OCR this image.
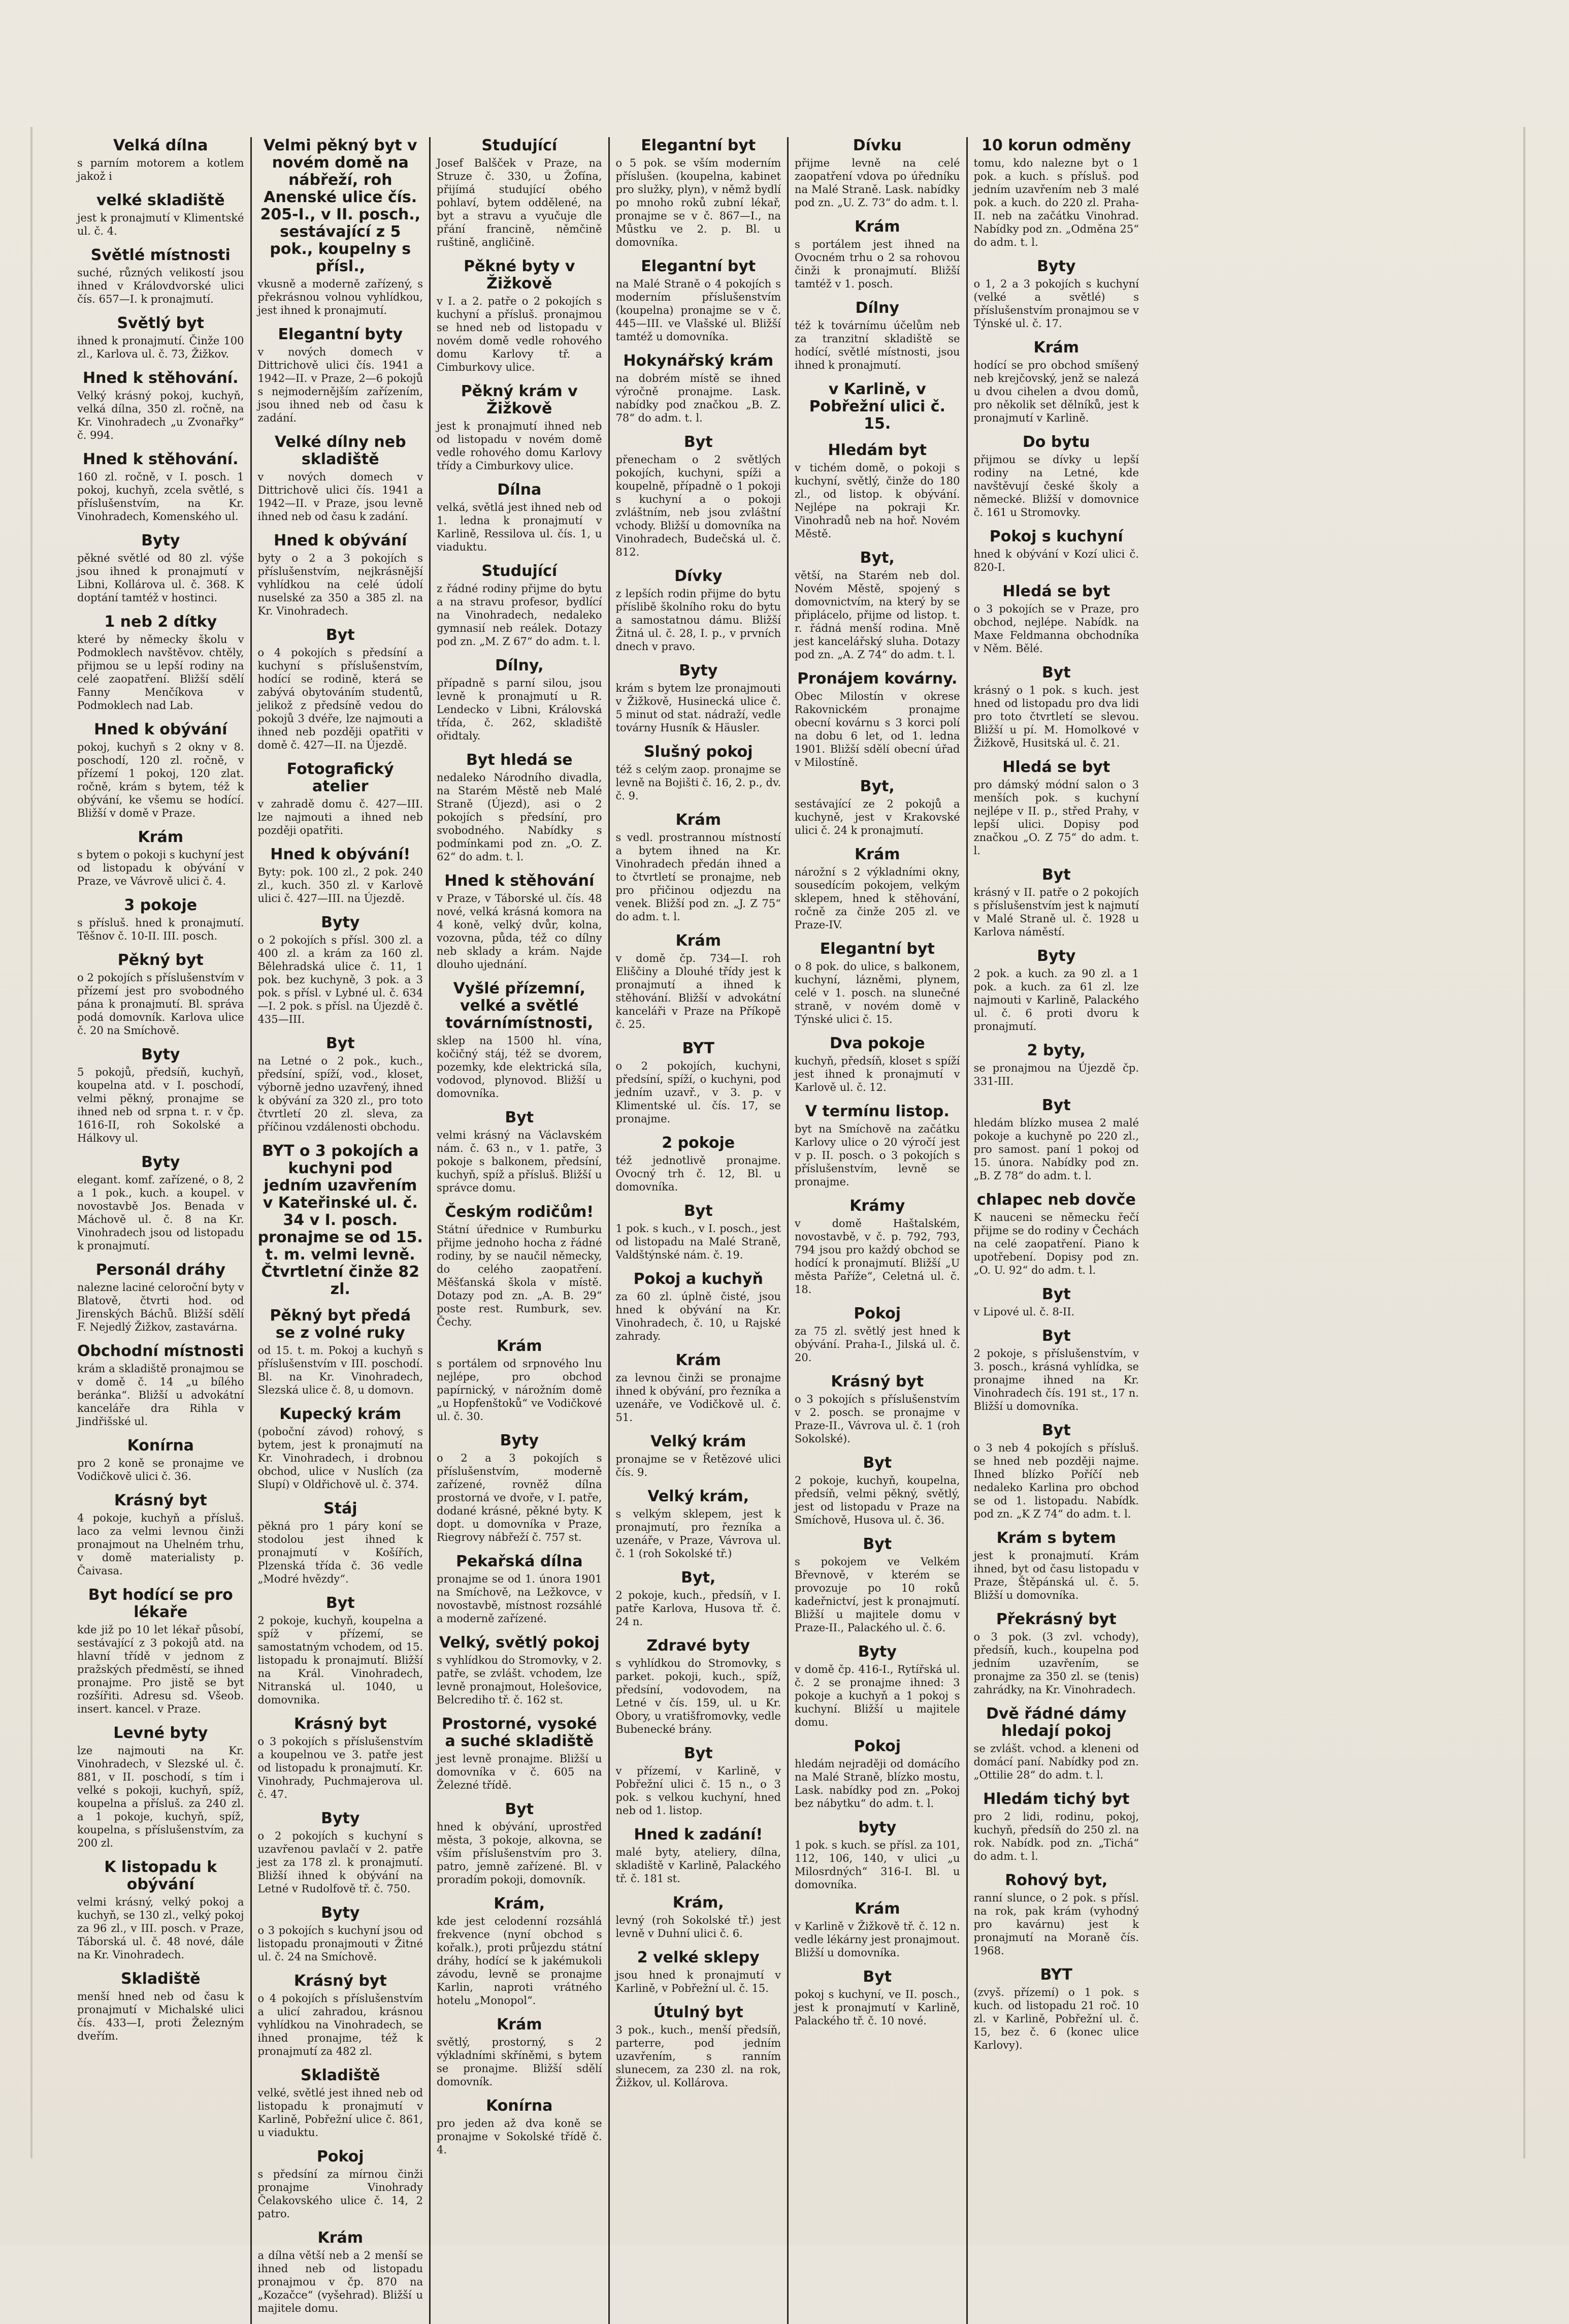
Velká dílna

s parním motorem a kotlem jakož i

velké skladiště

jest k pronajmutí v Klimentské ul. č. 4.

Světlé místnosti

suché, různých velikostí jsou ihned v Královdvorské ulici čís. 657—I. k pronajmutí.

Světlý byt

ihned k pronajmutí. Činže 100 zl., Karlova ul. č. 73, Žižkov.

Hned k stěhování.

Velký krásný pokoj, kuchyň, velká dílna, 350 zl. ročně, na Kr. Vinohradech „u Zvonařky“ č. 994.

Hned k stěhování.

160 zl. ročně, v I. posch. 1 pokoj, kuchyň, zcela světlé, s příslušenstvím, na Kr. Vinohradech, Komenského ul.

Byty

pěkné světlé od 80 zl. výše jsou ihned k pronajmutí v Libni, Kollárova ul. č. 368. K doptání tamtéž v hostinci.

1 neb 2 dítky

které by německy školu v Podmoklech navštěvov. chtěly, přijmou se u lepší rodiny na celé zaopatření. Bližší sdělí Fanny Menčíkova v Podmoklech nad Lab.

Hned k obývání

pokoj, kuchyň s 2 okny v 8. poschodí, 120 zl. ročně, v přízemí 1 pokoj, 120 zlat. ročně, krám s bytem, též k obývání, ke všemu se hodící. Bližší v domě v Praze.

Krám

s bytem o pokoji s kuchyní jest od listopadu k obývání v Praze, ve Vávrově ulici č. 4.

3 pokoje

s přísluš. hned k pronajmutí. Těšnov č. 10-II. III. posch.

Pěkný byt

o 2 pokojích s příslušenstvím v přízemí jest pro svobodného pána k pronajmutí. Bl. správa podá domovník. Karlova ulice č. 20 na Smíchově.

Byty

5 pokojů, předsíň, kuchyň, koupelna atd. v I. poschodí, velmi pěkný, pronajme se ihned neb od srpna t. r. v čp. 1616-II, roh Sokolské a Hálkovy ul.

Byty

elegant. komf. zařízené, o 8, 2 a 1 pok., kuch. a koupel. v novostavbě Jos. Benada v Máchově ul. č. 8 na Kr. Vinohradech jsou od listopadu k pronajmutí.

Personál dráhy

nalezne laciné celoroční byty v Blatově, čtvrti hod. od Jirenských Báchů. Bližší sdělí F. Nejedlý Žižkov, zastavárna.

Obchodní místnosti

krám a skladiště pronajmou se v domě č. 14 „u bílého beránka“. Bližší u advokátní kanceláře dra Rihla v Jindřišské ul.

Konírna

pro 2 koně se pronajme ve Vodičkově ulici č. 36.

Krásný byt

4 pokoje, kuchyň a přísluš. laco za velmi levnou činži pronajmout na Uhelném trhu, v domě materialisty p. Čaivasa.

Byt hodící se pro lékaře

kde již po 10 let lékař působí, sestávající z 3 pokojů atd. na hlavní třídě v jednom z pražských předměstí, se ihned pronajme. Pro jistě se byt rozšířiti. Adresu sd. Všeob. insert. kancel. v Praze.

Levné byty

lze najmouti na Kr. Vinohradech, v Slezské ul. č. 881, v II. poschodí, s tím i velké s pokoji, kuchyň, spíž, koupelna a přísluš. za 240 zl. a 1 pokoje, kuchyň, spíž, koupelna, s příslušenstvím, za 200 zl.

K listopadu k obývání

velmi krásný, velký pokoj a kuchyň, se 130 zl., velký pokoj za 96 zl., v III. posch. v Praze, Táborská ul. č. 48 nové, dále na Kr. Vinohradech.

Skladiště

menší hned neb od času k pronajmutí v Michalské ulici čís. 433—I, proti Železným dveřím.

Velmi pěkný byt v novém domě na nábřeží, roh Anenské ulice čís. 205-I., v II. posch., sestávající z 5 pok., koupelny s přísl.,

vkusně a moderně zařízený, s překrásnou volnou vyhlídkou, jest ihned k pronajmutí.

Elegantní byty

v nových domech v Dittrichově ulici čís. 1941 a 1942—II. v Praze, 2—6 pokojů s nejmodernějším zařízením, jsou ihned neb od času k zadání.

Velké dílny neb skladiště

v nových domech v Dittrichově ulici čís. 1941 a 1942—II. v Praze, jsou levně ihned neb od času k zadání.

Hned k obývání

byty o 2 a 3 pokojích s příslušenstvím, nejkrásnější vyhlídkou na celé údolí nuselské za 350 a 385 zl. na Kr. Vinohradech.

Byt

o 4 pokojích s předsíní a kuchyní s příslušenstvím, hodící se rodině, která se zabývá obytováním studentů, jelikož z předsíně vedou do pokojů 3 dvéře, lze najmouti a ihned neb později opatřiti v domě č. 427—II. na Újezdě.

Fotografický atelier

v zahradě domu č. 427—III. lze najmouti a ihned neb později opatřiti.

Hned k obývání!

Byty: pok. 100 zl., 2 pok. 240 zl., kuch. 350 zl. v Karlově ulici č. 427—III. na Újezdě.

Byty

o 2 pokojích s přísl. 300 zl. a 400 zl. a krám za 160 zl. Bělehradská ulice č. 11, 1 pok. bez kuchyně, 3 pok. a 3 pok. s přísl. v Lybné ul. č. 634—I. 2 pok. s přísl. na Újezdě č. 435—III.

Byt

na Letné o 2 pok., kuch., předsíní, spíží, vod., kloset, výborně jedno uzavřený, ihned k obývání za 320 zl., pro toto čtvrtletí 20 zl. sleva, za příčinou vzdálenosti obchodu.

BYT o 3 pokojích a kuchyni pod jedním uzavřením v Kateřinské ul. č. 34 v I. posch. pronajme se od 15. t. m. velmi levně. Čtvrtletní činže 82 zl.
Pěkný byt předá se z volné ruky

od 15. t. m. Pokoj a kuchyň s příslušenstvím v III. poschodí. Bl. na Kr. Vinohradech, Slezská ulice č. 8, u domovn.

Kupecký krám

(poboční závod) rohový, s bytem, jest k pronajmutí na Kr. Vinohradech, i drobnou obchod, ulice v Nuslích (za Slupí) v Oldřichově ul. č. 374.

Stáj

pěkná pro 1 páry koní se stodolou jest ihned k pronajmutí v Košířích, Plzenská třída č. 36 vedle „Modré hvězdy“.

Byt

2 pokoje, kuchyň, koupelna a spíž v přízemí, se samostatným vchodem, od 15. listopadu k pronajmutí. Bližší na Král. Vinohradech, Nitranská ul. 1040, u domovnika.

Krásný byt

o 3 pokojích s příslušenstvím a koupelnou ve 3. patře jest od listopadu k pronajmutí. Kr. Vinohrady, Puchmajerova ul. č. 47.

Byty

o 2 pokojích s kuchyní s uzavřenou pavlačí v 2. patře jest za 178 zl. k pronajmutí. Bližší ihned k obývání na Letné v Rudolfově tř. č. 750.

Byty

o 3 pokojích s kuchyní jsou od listopadu pronajmouti v Žitné ul. č. 24 na Smíchově.

Krásný byt

o 4 pokojích s příslušenstvím a ulicí zahradou, krásnou vyhlídkou na Vinohradech, se ihned pronajme, též k pronajmutí za 482 zl.

Skladiště

velké, světlé jest ihned neb od listopadu k pronajmutí v Karlině, Pobřežní ulice č. 861, u viaduktu.

Pokoj

s předsíní za mírnou činži pronajme Vinohrady Čelakovského ulice č. 14, 2 patro.

Krám

a dílna větší neb a 2 menší se ihned neb od listopadu pronajmou v čp. 870 na „Kozačce“ (vyšehrad). Bližší u majitele domu.

Studující

Josef Balšček v Praze, na Struze č. 330, u Žofína, přijímá studující obého pohlaví, bytem oddělené, na byt a stravu a vyučuje dle přání francině, němčině ruštině, angličině.

Pěkné byty v Žižkově

v I. a 2. patře o 2 pokojích s kuchyní a přísluš. pronajmou se hned neb od listopadu v novém domě vedle rohového domu Karlovy tř. a Cimburkovy ulice.

Pěkný krám v Žižkově

jest k pronajmutí ihned neb od listopadu v novém domě vedle rohového domu Karlovy třídy a Cimburkovy ulice.

Dílna

velká, světlá jest ihned neb od 1. ledna k pronajmutí v Karlině, Ressilova ul. čís. 1, u viaduktu.

Studující

z řádné rodiny přijme do bytu a na stravu profesor, bydlící na Vinohradech, nedaleko gymnasií neb reálek. Dotazy pod zn. „M. Z 67“ do adm. t. l.

Dílny,

případně s parní silou, jsou levně k pronajmutí u R. Lendecko v Libni, Královská třída, č. 262, skladiště ořidtaly.

Byt hledá se

nedaleko Národního divadla, na Starém Městě neb Malé Straně (Újezd), asi o 2 pokojích s předsíní, pro svobodného. Nabídky s podmínkami pod zn. „O. Z. 62“ do adm. t. l.

Hned k stěhování

v Praze, v Táborské ul. čís. 48 nové, velká krásná komora na 4 koně, velký dvůr, kolna, vozovna, půda, též co dílny neb sklady a krám. Najde dlouho ujednání.

Vyšlé přízemní, velké a světlé továrnímístnosti,

sklep na 1500 hl. vína, kočičný stáj, též se dvorem, pozemky, kde elektrická síla, vodovod, plynovod. Bližší u domovníka.

Byt

velmi krásný na Václavském nám. č. 63 n., v 1. patře, 3 pokoje s balkonem, předsíní, kuchyň, spíž a přísluš. Bližší u správce domu.

Českým rodičům!

Státní úřednice v Rumburku přijme jednoho hocha z řádné rodiny, by se naučil německy, do celého zaopatření. Měšťanská škola v místě. Dotazy pod zn. „A. B. 29“ poste rest. Rumburk, sev. Čechy.

Krám

s portálem od srpnového lnu nejlépe, pro obchod papírnický, v nárožním domě „u Hopfenštoků“ ve Vodičkové ul. č. 30.

Byty

o 2 a 3 pokojích s příslušenstvím, moderně zařízené, rovněž dílna prostorná ve dvoře, v I. patře, dodané krásné, pěkné byty. K dopt. u domovníka v Praze, Riegrovy nábřeží č. 757 st.

Pekařská dílna

pronajme se od 1. února 1901 na Smíchově, na Ležkovce, v novostavbě, místnost rozsáhlé a moderně zařízené.

Velký, světlý pokoj

s vyhlídkou do Stromovky, v 2. patře, se zvlášt. vchodem, lze levně pronajmout, Holešovice, Belcrediho tř. č. 162 st.

Prostorné, vysoké a suché skladiště

jest levně pronajme. Bližší u domovníka v č. 605 na Železné třídě.

Byt

hned k obývání, uprostřed města, 3 pokoje, alkovna, se vším příslušenstvím pro 3. patro, jemně zařízené. Bl. v proradím pokoji, domovník.

Krám,

kde jest celodenní rozsáhlá frekvence (nyní obchod s kořalk.), proti průjezdu státní dráhy, hodící se k jakémukoli závodu, levně se pronajme Karlin, naproti vrátného hotelu „Monopol“.

Krám

světlý, prostorný, s 2 výkladními skříněmi, s bytem se pronajme. Bližší sdělí domovník.

Konírna

pro jeden až dva koně se pronajme v Sokolské třídě č. 4.

Elegantní byt

o 5 pok. se vším moderním příslušen. (koupelna, kabinet pro služky, plyn), v němž bydlí po mnoho roků zubní lékař, pronajme se v č. 867—I., na Můstku ve 2. p. Bl. u domovníka.

Elegantní byt

na Malé Straně o 4 pokojích s moderním příslušenstvím (koupelna) pronajme se v č. 445—III. ve Vlašské ul. Bližší tamtéž u domovníka.

Hokynářský krám

na dobrém místě se ihned výročně pronajme. Lask. nabídky pod značkou „B. Z. 78“ do adm. t. l.

Byt

přenecham o 2 světlých pokojích, kuchyni, spíži a koupelně, případně o 1 pokoji s kuchyní a o pokoji zvláštním, neb jsou zvláštní vchody. Bližší u domovníka na Vinohradech, Budečská ul. č. 812.

Dívky

z lepších rodin přijme do bytu příslibě školního roku do bytu a samostatnou dámu. Bližší Žitná ul. č. 28, I. p., v prvních dnech v pravo.

Byty

krám s bytem lze pronajmouti v Žižkově, Husinecká ulice č. 5 minut od stat. nádraží, vedle továrny Husník & Häusler.

Slušný pokoj

též s celým zaop. pronajme se levně na Bojišti č. 16, 2. p., dv. č. 9.

Krám

s vedl. prostrannou místností a bytem ihned na Kr. Vinohradech předán ihned a to čtvrtletí se pronajme, neb pro přičinou odjezdu na venek. Bližší pod zn. „J. Z 75“ do adm. t. l.

Krám

v domě čp. 734—I. roh Eliščiny a Dlouhé třídy jest k pronajmutí a ihned k stěhování. Bližší v advokátní kanceláři v Praze na Příkopě č. 25.

BYT

o 2 pokojích, kuchyni, předsíní, spíží, o kuchyni, pod jedním uzavř., v 3. p. v Klimentské ul. čís. 17, se pronajme.

2 pokoje

též jednotlivě pronajme. Ovocný trh č. 12, Bl. u domovníka.

Byt

1 pok. s kuch., v I. posch., jest od listopadu na Malé Straně, Valdštýnské nám. č. 19.

Pokoj a kuchyň

za 60 zl. úplně čisté, jsou hned k obývání na Kr. Vinohradech, č. 10, u Rajské zahrady.

Krám

za levnou činži se pronajme ihned k obývání, pro řezníka a uzenáře, ve Vodičkově ul. č. 51.

Velký krám

pronajme se v Řetězové ulici čís. 9.

Velký krám,

s velkým sklepem, jest k pronajmutí, pro řezníka a uzenáře, v Praze, Vávrova ul. č. 1 (roh Sokolské tř.)

Byt,

2 pokoje, kuch., předsíň, v I. patře Karlova, Husova tř. č. 24 n.

Zdravé byty

s vyhlídkou do Stromovky, s parket. pokoji, kuch., spíž, předsíní, vodovodem, na Letné v čís. 159, ul. u Kr. Obory, u vratišfromovky, vedle Bubenecké brány.

Byt

v přízemí, v Karlině, v Pobřežní ulici č. 15 n., o 3 pok. s velkou kuchyní, hned neb od 1. listop.

Hned k zadání!

malé byty, ateliery, dílna, skladiště v Karlině, Palackého tř. č. 181 st.

Krám,

levný (roh Sokolské tř.) jest levně v Duhní ulici č. 6.

2 velké sklepy

jsou hned k pronajmutí v Karlině, v Pobřežní ul. č. 15.

Útulný byt

3 pok., kuch., menší předsíň, parterre, pod jedním uzavřením, s ranním slunecem, za 230 zl. na rok, Žižkov, ul. Kollárova.

Dívku

přijme levně na celé zaopatření vdova po úředníku na Malé Straně. Lask. nabídky pod zn. „U. Z. 73“ do adm. t. l.

Krám

s portálem jest ihned na Ovocném trhu o 2 sa rohovou činži k pronajmutí. Bližší tamtéž v 1. posch.

Dílny

též k továrnímu účelům neb za tranzitní skladiště se hodící, světlé místnosti, jsou ihned k pronajmutí.

v Karlině, v Pobřežní ulici č. 15.
Hledám byt

v tichém domě, o pokoji s kuchyní, světlý, činže do 180 zl., od listop. k obývání. Nejlépe na pokraji Kr. Vinohradů neb na hoř. Novém Městě.

Byt,

větší, na Starém neb dol. Novém Městě, spojený s domovnictvím, na který by se připlácelo, přijme od listop. t. r. řádná menší rodina. Mně jest kancelářský sluha. Dotazy pod zn. „A. Z 74“ do adm. t. l.

Pronájem kovárny.

Obec Milostín v okrese Rakovnickém pronajme obecní kovárnu s 3 korci polí na dobu 6 let, od 1. ledna 1901. Bližší sdělí obecní úřad v Milostíně.

Byt,

sestávající ze 2 pokojů a kuchyně, jest v Krakovské ulici č. 24 k pronajmutí.

Krám

nárožní s 2 výkladními okny, sousedícím pokojem, velkým sklepem, hned k stěhování, ročně za činže 205 zl. ve Praze-IV.

Elegantní byt

o 8 pok. do ulice, s balkonem, kuchyní, lázněmi, plynem, celé v 1. posch. na slunečné straně, v novém domě v Týnské ulici č. 15.

Dva pokoje

kuchyň, předsíň, kloset s spíží jest ihned k pronajmutí v Karlově ul. č. 12.

V termínu listop.

byt na Smíchově na začátku Karlovy ulice o 20 výročí jest v p. II. posch. o 3 pokojích s příslušenstvím, levně se pronajme.

Krámy

v domě Haštalském, novostavbě, v č. p. 792, 793, 794 jsou pro každý obchod se hodící k pronajmutí. Bližší „U města Paříže“, Celetná ul. č. 18.

Pokoj

za 75 zl. světlý jest hned k obývání. Praha-I., Jilská ul. č. 20.

Krásný byt

o 3 pokojích s příslušenstvím v 2. posch. se pronajme v Praze-II., Vávrova ul. č. 1 (roh Sokolské).

Byt

2 pokoje, kuchyň, koupelna, předsíň, velmi pěkný, světlý, jest od listopadu v Praze na Smíchově, Husova ul. č. 36.

Byt

s pokojem ve Velkém Břevnově, v kterém se provozuje po 10 roků kadeřnictví, jest k pronajmutí. Bližší u majitele domu v Praze-II., Palackého ul. č. 6.

Byty

v domě čp. 416-I., Rytířská ul. č. 2 se pronajme ihned: 3 pokoje a kuchyň a 1 pokoj s kuchyní. Bližší u majitele domu.

Pokoj

hledám nejraději od domácího na Malé Straně, blízko mostu, Lask. nabídky pod zn. „Pokoj bez nábytku“ do adm. t. l.

byty

1 pok. s kuch. se přísl. za 101, 112, 106, 140, v ulici „u Milosrdných“ 316-I. Bl. u domovníka.

Krám

v Karlině v Žižkově tř. č. 12 n. vedle lékárny jest pronajmout. Bližší u domovníka.

Byt

pokoj s kuchyní, ve II. posch., jest k pronajmutí v Karlině, Palackého tř. č. 10 nové.

10 korun odměny

tomu, kdo nalezne byt o 1 pok. a kuch. s přísluš. pod jedním uzavřením neb 3 malé pok. a kuch. do 220 zl. Praha-II. neb na začátku Vinohrad. Nabídky pod zn. „Odměna 25“ do adm. t. l.

Byty

o 1, 2 a 3 pokojích s kuchyní (velké a světlé) s příslušenstvím pronajmou se v Týnské ul. č. 17.

Krám

hodící se pro obchod smíšený neb krejčovský, jenž se nalezá u dvou cihelen a dvou domů, pro několik set dělníků, jest k pronajmutí v Karlině.

Do bytu

přijmou se dívky u lepší rodiny na Letné, kde navštěvují české školy a německé. Bližší v domovnice č. 161 u Stromovky.

Pokoj s kuchyní

hned k obývání v Kozí ulici č. 820-I.

Hledá se byt

o 3 pokojích se v Praze, pro obchod, nejlépe. Nabídk. na Maxe Feldmanna obchodníka v Něm. Bělé.

Byt

krásný o 1 pok. s kuch. jest hned od listopadu pro dva lidi pro toto čtvrtletí se slevou. Bližší u pí. M. Homolkové v Žižkově, Husitská ul. č. 21.

Hledá se byt

pro dámský módní salon o 3 menších pok. s kuchyní nejlépe v II. p., střed Prahy, v lepší ulici. Dopisy pod značkou „O. Z 75“ do adm. t. l.

Byt

krásný v II. patře o 2 pokojích s příslušenstvím jest k najmutí v Malé Straně ul. č. 1928 u Karlova náměstí.

Byty

2 pok. a kuch. za 90 zl. a 1 pok. a kuch. za 61 zl. lze najmouti v Karlině, Palackého ul. č. 6 proti dvoru k pronajmutí.

2 byty,

se pronajmou na Újezdě čp. 331-III.

Byt

hledám blízko musea 2 malé pokoje a kuchyně po 220 zl., pro samost. paní 1 pokoj od 15. února. Nabídky pod zn. „B. Z 78“ do adm. t. l.

chlapec neb dovče

K nauceni se německu řečí přijme se do rodiny v Čechách na celé zaopatření. Piano k upotřebení. Dopisy pod zn. „O. U. 92“ do adm. t. l.

Byt

v Lipové ul. č. 8-II.

Byt

2 pokoje, s příslušenstvím, v 3. posch., krásná vyhlídka, se pronajme ihned na Kr. Vinohradech čís. 191 st., 17 n. Bližší u domovníka.

Byt

o 3 neb 4 pokojích s přísluš. se hned neb později najme. Ihned blízko Poříčí neb nedaleko Karlina pro obchod se od 1. listopadu. Nabídk. pod zn. „K Z 74“ do adm. t. l.

Krám s bytem

jest k pronajmutí. Krám ihned, byt od času listopadu v Praze, Štěpánská ul. č. 5. Bližší u domovníka.

Překrásný byt

o 3 pok. (3 zvl. vchody), předsíň, kuch., koupelna pod jedním uzavřením, se pronajme za 350 zl. se (tenis) zahrádky, na Kr. Vinohradech.

Dvě řádné dámy hledají pokoj

se zvlášt. vchod. a kleneni od domácí paní. Nabídky pod zn. „Ottilie 28“ do adm. t. l.

Hledám tichý byt

pro 2 lidi, rodinu, pokoj, kuchyň, předsíň do 250 zl. na rok. Nabídk. pod zn. „Tichá“ do adm. t. l.

Rohový byt,

ranní slunce, o 2 pok. s přísl. na rok, pak krám (vyhodný pro kavárnu) jest k pronajmutí na Moraně čís. 1968.

BYT

(zvyš. přízemí) o 1 pok. s kuch. od listopadu 21 roč. 10 zl. v Karlině, Pobřežní ul. č. 15, bez č. 6 (konec ulice Karlovy).
